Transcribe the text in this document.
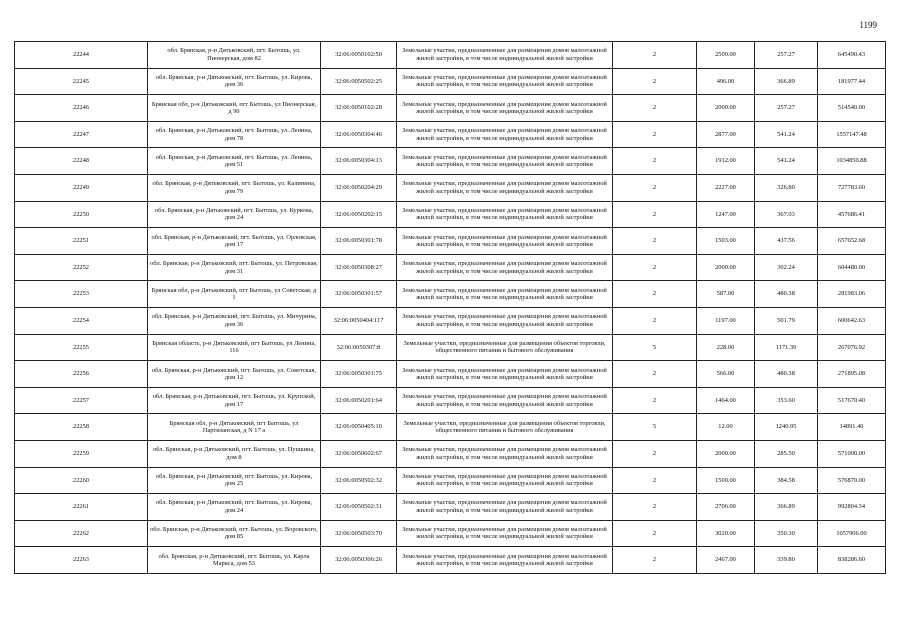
1199
22244	обл. Брянская, р-н Дятьковский, пгт. Бытошь, ул. Пионерская, дом 82	32:06:0050102:50	Земельные участки, предназначенные для размещения домов малоэтажной жилой застройки, в том числе индивидуальной жилой застройки	2	2509.00	257.27	645490.43
22245	обл. Брянская, р-н Дятьковский, пгт. Бытошь, ул. Кирова, дом 36	32:06:0050502:25	Земельные участки, предназначенные для размещения домов малоэтажной жилой застройки, в том числе индивидуальной жилой застройки	2	496.00	366.89	181977.44
22246	Брянская обл, р-н Дятьковский, пгт Бытошь, ул Пионерская, д 90	32:06:0050102:28	Земельные участки, предназначенные для размещения домов малоэтажной жилой застройки, в том числе индивидуальной жилой застройки	2	2000.00	257.27	514540.00
22247	обл. Брянская, р-н Дятьковский, пгт. Бытошь, ул. Ленина, дом 78	32:06:0050304:46	Земельные участки, предназначенные для размещения домов малоэтажной жилой застройки, в том числе индивидуальной жилой застройки	2	2877.00	541.24	1557147.48
22248	обл. Брянская, р-н Дятьковский, пгт. Бытошь, ул. Ленина, дом 51	32:06:0050304:13	Земельные участки, предназначенные для размещения домов малоэтажной жилой застройки, в том числе индивидуальной жилой застройки	2	1912.00	541.24	1034850.88
22249	обл. Брянская, р-н Дятьковский, пгт. Бытошь, ул. Калинина, дом 79	32:06:0050204:29	Земельные участки, предназначенные для размещения домов малоэтажной жилой застройки, в том числе индивидуальной жилой застройки	2	2227.00	326.80	727783.60
22250	обл. Брянская, р-н Дятьковский, пгт. Бытошь, ул. Куркова, дом 24	32:06:0050202:15	Земельные участки, предназначенные для размещения домов малоэтажной жилой застройки, в том числе индивидуальной жилой застройки	2	1247.00	367.03	457686.41
22251	обл. Брянская, р-н Дятьковский, пгт. Бытошь, ул. Орловская, дом 17	32:06:0050301:78	Земельные участки, предназначенные для размещения домов малоэтажной жилой застройки, в том числе индивидуальной жилой застройки	2	1503.00	437.56	657652.68
22252	обл. Брянская, р-н Дятьковский, пгт. Бытошь, ул. Петровская, дом 31	32:06:0050308:27	Земельные участки, предназначенные для размещения домов малоэтажной жилой застройки, в том числе индивидуальной жилой застройки	2	2000.00	302.24	604480.00
22253	Брянская обл, р-н Дятьковский, пгт Бытошь, ул Советская, д 1	32:06:0050301:57	Земельные участки, предназначенные для размещения домов малоэтажной жилой застройки, в том числе индивидуальной жилой застройки	2	587.00	480.38	281983.06
22254	обл. Брянская, р-н Дятьковский, пгт. Бытошь, ул. Мичурина, дом 36	32:06:0050404:117	Земельные участки, предназначенные для размещения домов малоэтажной жилой застройки, в том числе индивидуальной жилой застройки	2	1197.00	501.79	600642.63
22255	Брянская область, р-н Дятьковский, пгт Бытошь, ул Ленина, 116	32:06:0050307:8	Земельные участки, предназначенные для размещения объектов торговли, общественного питания и бытового обслуживания	5	228.00	1171.39	267076.92
22256	обл. Брянская, р-н Дятьковский, пгт. Бытошь, ул. Советская, дом 12	32:06:0050301:75	Земельные участки, предназначенные для размещения домов малоэтажной жилой застройки, в том числе индивидуальной жилой застройки	2	566.00	480.38	271895.08
22257	обл. Брянская, р-н Дятьковский, пгт. Бытошь, ул. Крупской, дом 17	32:06:0050201:64	Земельные участки, предназначенные для размещения домов малоэтажной жилой застройки, в том числе индивидуальной жилой застройки	2	1464.00	353.60	517670.40
22258	Брянская обл, р-н Дятьковский, пгт Бытошь, ул Партизанская, д N 17 а	32:06:0050405:10	Земельные участки, предназначенные для размещения объектов торговли, общественного питания и бытового обслуживания	5	12.00	1240.95	14891.40
22259	обл. Брянская, р-н Дятьковский, пгт. Бытошь, ул. Пушкина, дом 8	32:06:0050602:67	Земельные участки, предназначенные для размещения домов малоэтажной жилой застройки, в том числе индивидуальной жилой застройки	2	2000.00	285.50	571000.00
22260	обл. Брянская, р-н Дятьковский, пгт. Бытошь, ул. Кирова, дом 25	32:06:0050502:32	Земельные участки, предназначенные для размещения домов малоэтажной жилой застройки, в том числе индивидуальной жилой застройки	2	1500.00	384.58	576870.00
22261	обл. Брянская, р-н Дятьковский, пгт. Бытошь, ул. Кирова, дом 24	32:06:0050502:31	Земельные участки, предназначенные для размещения домов малоэтажной жилой застройки, в том числе индивидуальной жилой застройки	2	2706.00	366.89	992804.34
22262	обл. Брянская, р-н Дятьковский, пгт. Бытошь, ул. Воровского, дом 85	32:06:0050503:70	Земельные участки, предназначенные для размещения домов малоэтажной жилой застройки, в том числе индивидуальной жилой застройки	2	3020.00	350.30	1057906.00
22263	обл. Брянская, р-н Дятьковский, пгт. Бытошь, ул. Карла Маркса, дом 53	32:06:0050306:26	Земельные участки, предназначенные для размещения домов малоэтажной жилой застройки, в том числе индивидуальной жилой застройки	2	2467.00	339.80	838286.60
